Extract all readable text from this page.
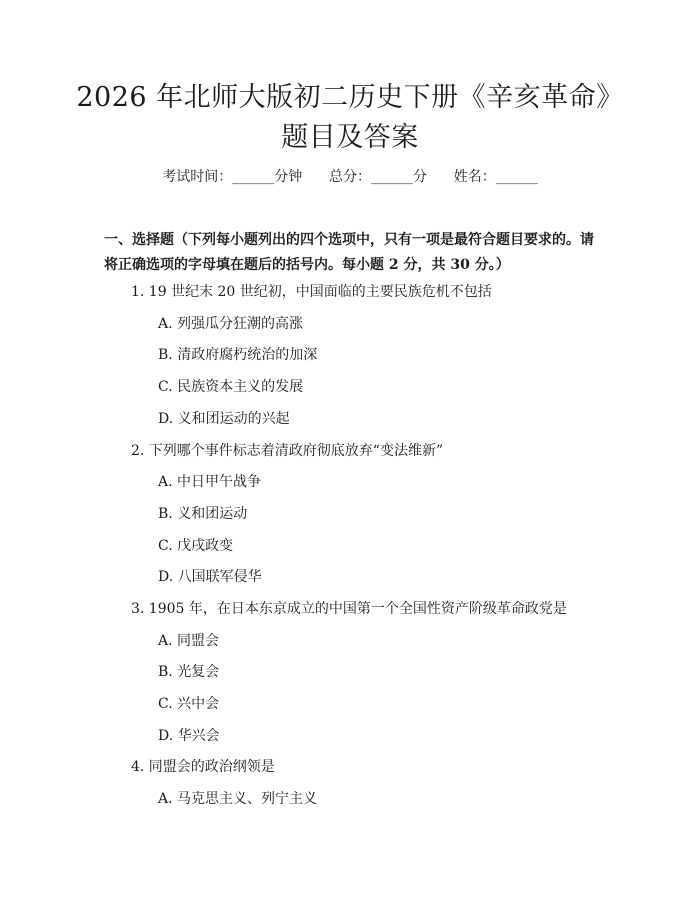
2026 年北师大版初二历史下册《辛亥革命》
题目及答案
考试时间：______分钟      总分：______分      姓名：______
一、选择题（下列每小题列出的四个选项中，只有一项是最符合题目要求的。请将正确选项的字母填在题后的括号内。每小题 2 分，共 30 分。）
1. 19 世纪末 20 世纪初，中国面临的主要民族危机不包括
A. 列强瓜分狂潮的高涨
B. 清政府腐朽统治的加深
C. 民族资本主义的发展
D. 义和团运动的兴起
2. 下列哪个事件标志着清政府彻底放弃“变法维新”
A. 中日甲午战争
B. 义和团运动
C. 戊戌政变
D. 八国联军侵华
3. 1905 年，在日本东京成立的中国第一个全国性资产阶级革命政党是
A. 同盟会
B. 光复会
C. 兴中会
D. 华兴会
4. 同盟会的政治纲领是
A. 马克思主义、列宁主义
